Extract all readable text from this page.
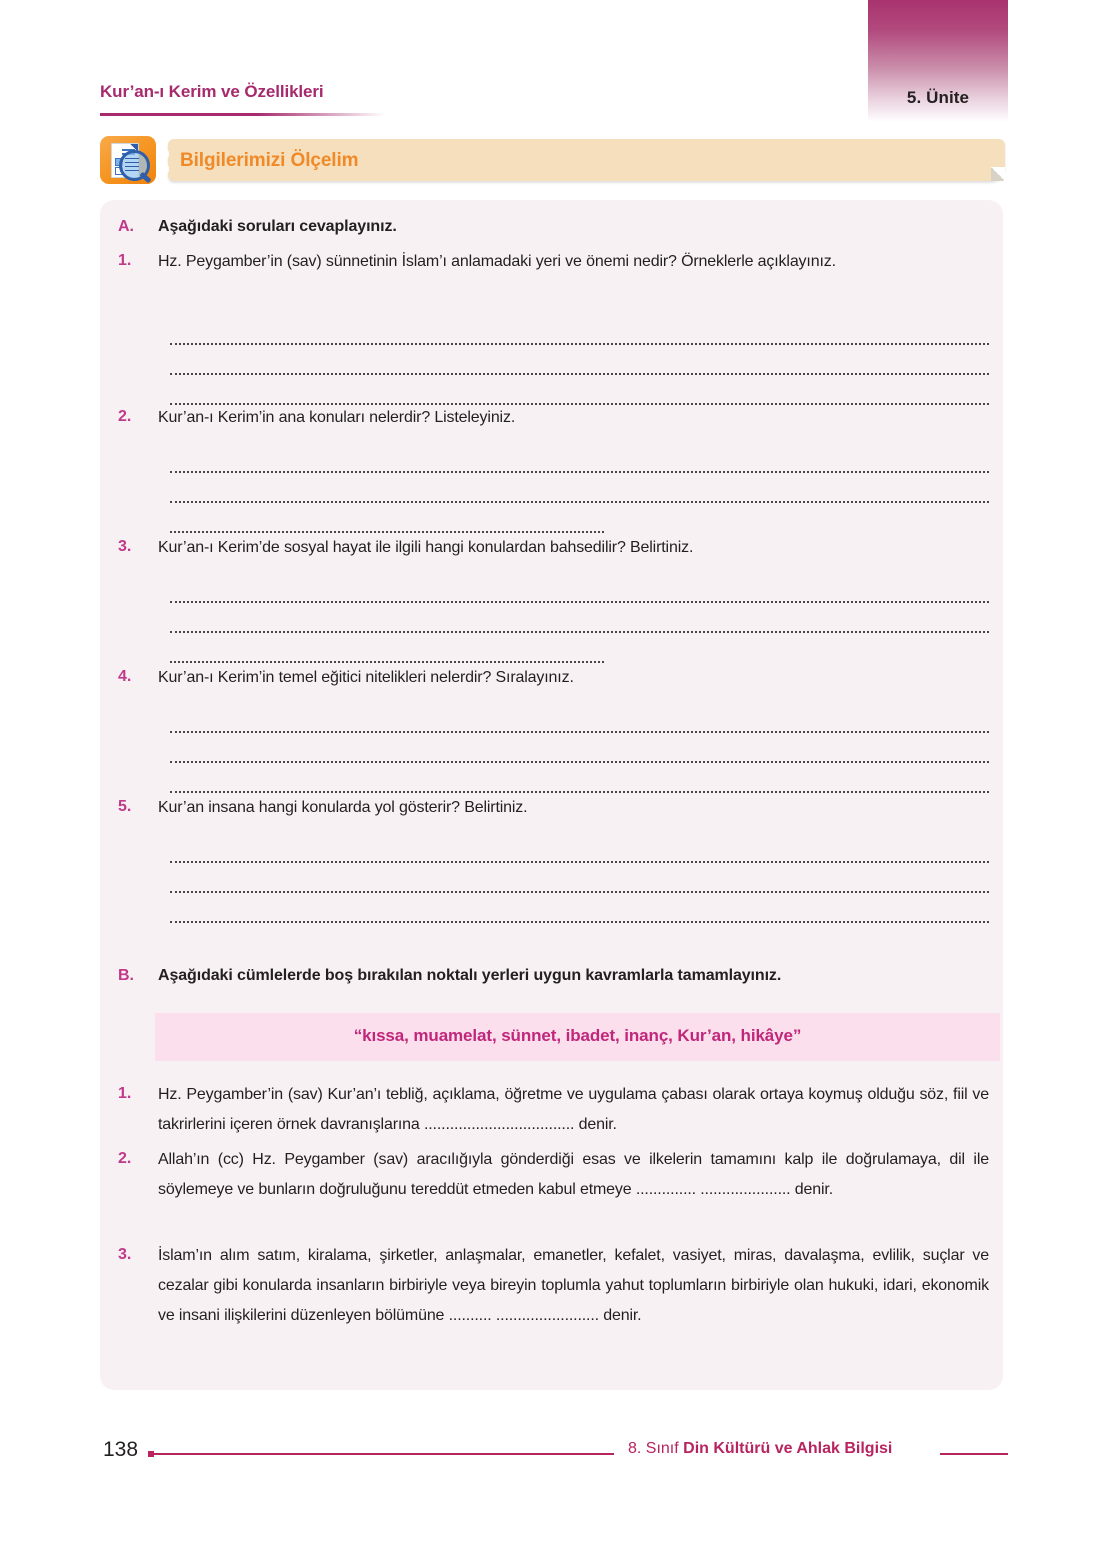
5. Ünite
Kur’an-ı Kerim ve Özellikleri
Bilgilerimizi Ölçelim
A.	Aşağıdaki soruları cevaplayınız.
1.	Hz. Peygamber’in (sav) sünnetinin İslam’ı anlamadaki yeri ve önemi nedir? Örneklerle açıklayınız.
2.	Kur’an-ı Kerim’in ana konuları nelerdir? Listeleyiniz.
3.	Kur’an-ı Kerim’de sosyal hayat ile ilgili hangi konulardan bahsedilir? Belirtiniz.
4.	Kur’an-ı Kerim’in temel eğitici nitelikleri nelerdir? Sıralayınız.
5.	Kur’an insana hangi konularda yol gösterir? Belirtiniz.
B.	Aşağıdaki cümlelerde boş bırakılan noktalı yerleri uygun kavramlarla tamamlayınız.
“kıssa, muamelat, sünnet, ibadet, inanç, Kur’an, hikâye”
1.	Hz. Peygamber’in (sav) Kur’an’ı tebliğ, açıklama, öğretme ve uygulama çabası olarak ortaya koymuş olduğu söz, fiil ve takrirlerini içeren örnek davranışlarına ................................... denir.
2.	Allah’ın (cc) Hz. Peygamber (sav) aracılığıyla gönderdiği esas ve ilkelerin tamamını kalp ile doğrulamaya, dil ile söylemeye ve bunların doğruluğunu tereddüt etmeden kabul etmeye .............. ..................... denir.
3.	İslam’ın alım satım, kiralama, şirketler, anlaşmalar, emanetler, kefalet, vasiyet, miras, davalaşma, evlilik, suçlar ve cezalar gibi konularda insanların birbiriyle veya bireyin toplumla yahut toplumların birbiriyle olan hukuki, idari, ekonomik ve insani ilişkilerini düzenleyen bölümüne .......... ........................ denir.
138	8. Sınıf Din Kültürü ve Ahlak Bilgisi
